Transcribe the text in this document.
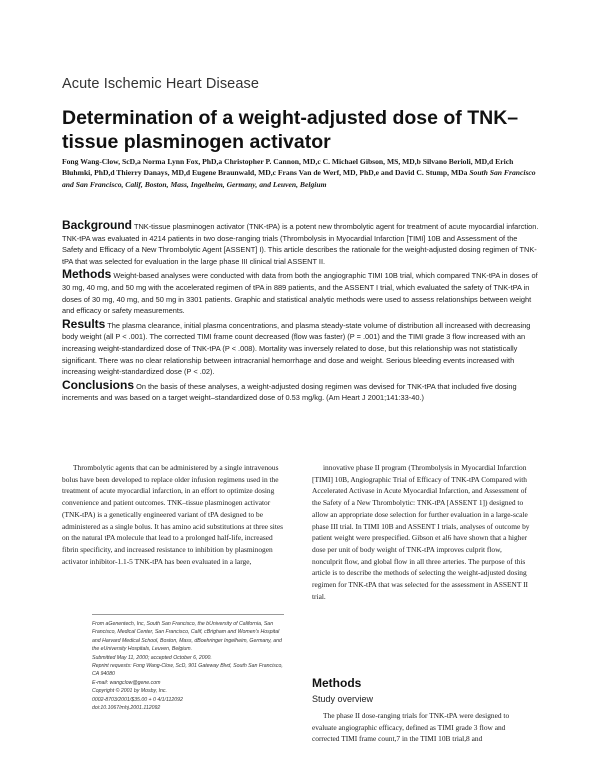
Acute Ischemic Heart Disease
Determination of a weight-adjusted dose of TNK–tissue plasminogen activator
Fong Wang-Clow, ScD,a Norma Lynn Fox, PhD,a Christopher P. Cannon, MD,c C. Michael Gibson, MS, MD,b Silvano Berioli, MD,d Erich Bluhmki, PhD,d Thierry Danays, MD,d Eugene Braunwald, MD,c Frans Van de Werf, MD, PhD,e and David C. Stump, MDa South San Francisco and San Francisco, Calif, Boston, Mass, Ingelheim, Germany, and Leuven, Belgium

Background TNK-tissue plasminogen activator (TNK-tPA) is a potent new thrombolytic agent for treatment of acute myocardial infarction. TNK-tPA was evaluated in 4214 patients in two dose-ranging trials (Thrombolysis in Myocardial Infarction [TIMI] 10B and Assessment of the Safety and Efficacy of a New Thrombolytic Agent [ASSENT] I). This article describes the rationale for the weight-adjusted dosing regimen of TNK-tPA that was selected for evaluation in the large phase III clinical trial ASSENT II.

Methods Weight-based analyses were conducted with data from both the angiographic TIMI 10B trial, which compared TNK-tPA in doses of 30 mg, 40 mg, and 50 mg with the accelerated regimen of tPA in 889 patients, and the ASSENT I trial, which evaluated the safety of TNK-tPA in doses of 30 mg, 40 mg, and 50 mg in 3301 patients. Graphic and statistical analytic methods were used to assess relationships between weight and efficacy or safety measurements.

Results The plasma clearance, initial plasma concentrations, and plasma steady-state volume of distribution all increased with decreasing body weight (all P < .001). The corrected TIMI frame count decreased (flow was faster) (P = .001) and the TIMI grade 3 flow increased with an increasing weight-standardized dose of TNK-tPA (P < .008). Mortality was inversely related to dose, but this relationship was not statistically significant. There was no clear relationship between intracranial hemorrhage and dose and weight. Serious bleeding events increased with increasing weight-standardized dose (P < .02).

Conclusions On the basis of these analyses, a weight-adjusted dosing regimen was devised for TNK-tPA that included five dosing increments and was based on a target weight–standardized dose of 0.53 mg/kg. (Am Heart J 2001;141:33-40.)

Thrombolytic agents that can be administered by a single intravenous bolus have been developed to replace older infusion regimens used in the treatment of acute myocardial infarction, in an effort to optimize dosing convenience and patient outcomes. TNK–tissue plasminogen activator (TNK-tPA) is a genetically engineered variant of tPA designed to be administered as a single bolus. It has amino acid substitutions at three sites on the natural tPA molecule that lead to a prolonged half-life, increased fibrin specificity, and increased resistance to inhibition by plasminogen activator inhibitor-1.1-5 TNK-tPA has been evaluated in a large,

innovative phase II program (Thrombolysis in Myocardial Infarction [TIMI] 10B, Angiographic Trial of Efficacy of TNK-tPA Compared with Accelerated Activase in Acute Myocardial Infarction, and Assessment of the Safety of a New Thrombolytic: TNK-tPA [ASSENT 1]) designed to allow an appropriate dose selection for further evaluation in a large-scale phase III trial. In TIMI 10B and ASSENT I trials, analyses of outcome by patient weight were prespecified. Gibson et al6 have shown that a higher dose per unit of body weight of TNK-tPA improves culprit flow, nonculprit flow, and global flow in all three arteries. The purpose of this article is to describe the methods of selecting the weight-adjusted dosing regimen for TNK-tPA that was selected for the assessment in ASSENT II trial.

From aGenentech, Inc, South San Francisco, the bUniversity of California, San Francisco, Medical Center, San Francisco, Calif, cBrigham and Women's Hospital and Harvard Medical School, Boston, Mass, dBoehringer Ingelheim, Germany, and the eUniversity Hospitals, Leuven, Belgium.
Submitted May 11, 2000; accepted October 6, 2000.
Reprint requests: Fong Wang-Clow, ScD, 901 Gateway Blvd, South San Francisco, CA 94080
E-mail: wangclow@gene.com
Copyright © 2001 by Mosby, Inc.
0002-8703/2001/$35.00 + 0 4/1/112092
doi:10.1067/mhj.2001.112092
Methods
Study overview

The phase II dose-ranging trials for TNK-tPA were designed to evaluate angiographic efficacy, defined as TIMI grade 3 flow and corrected TIMI frame count,7 in the TIMI 10B trial,8 and
